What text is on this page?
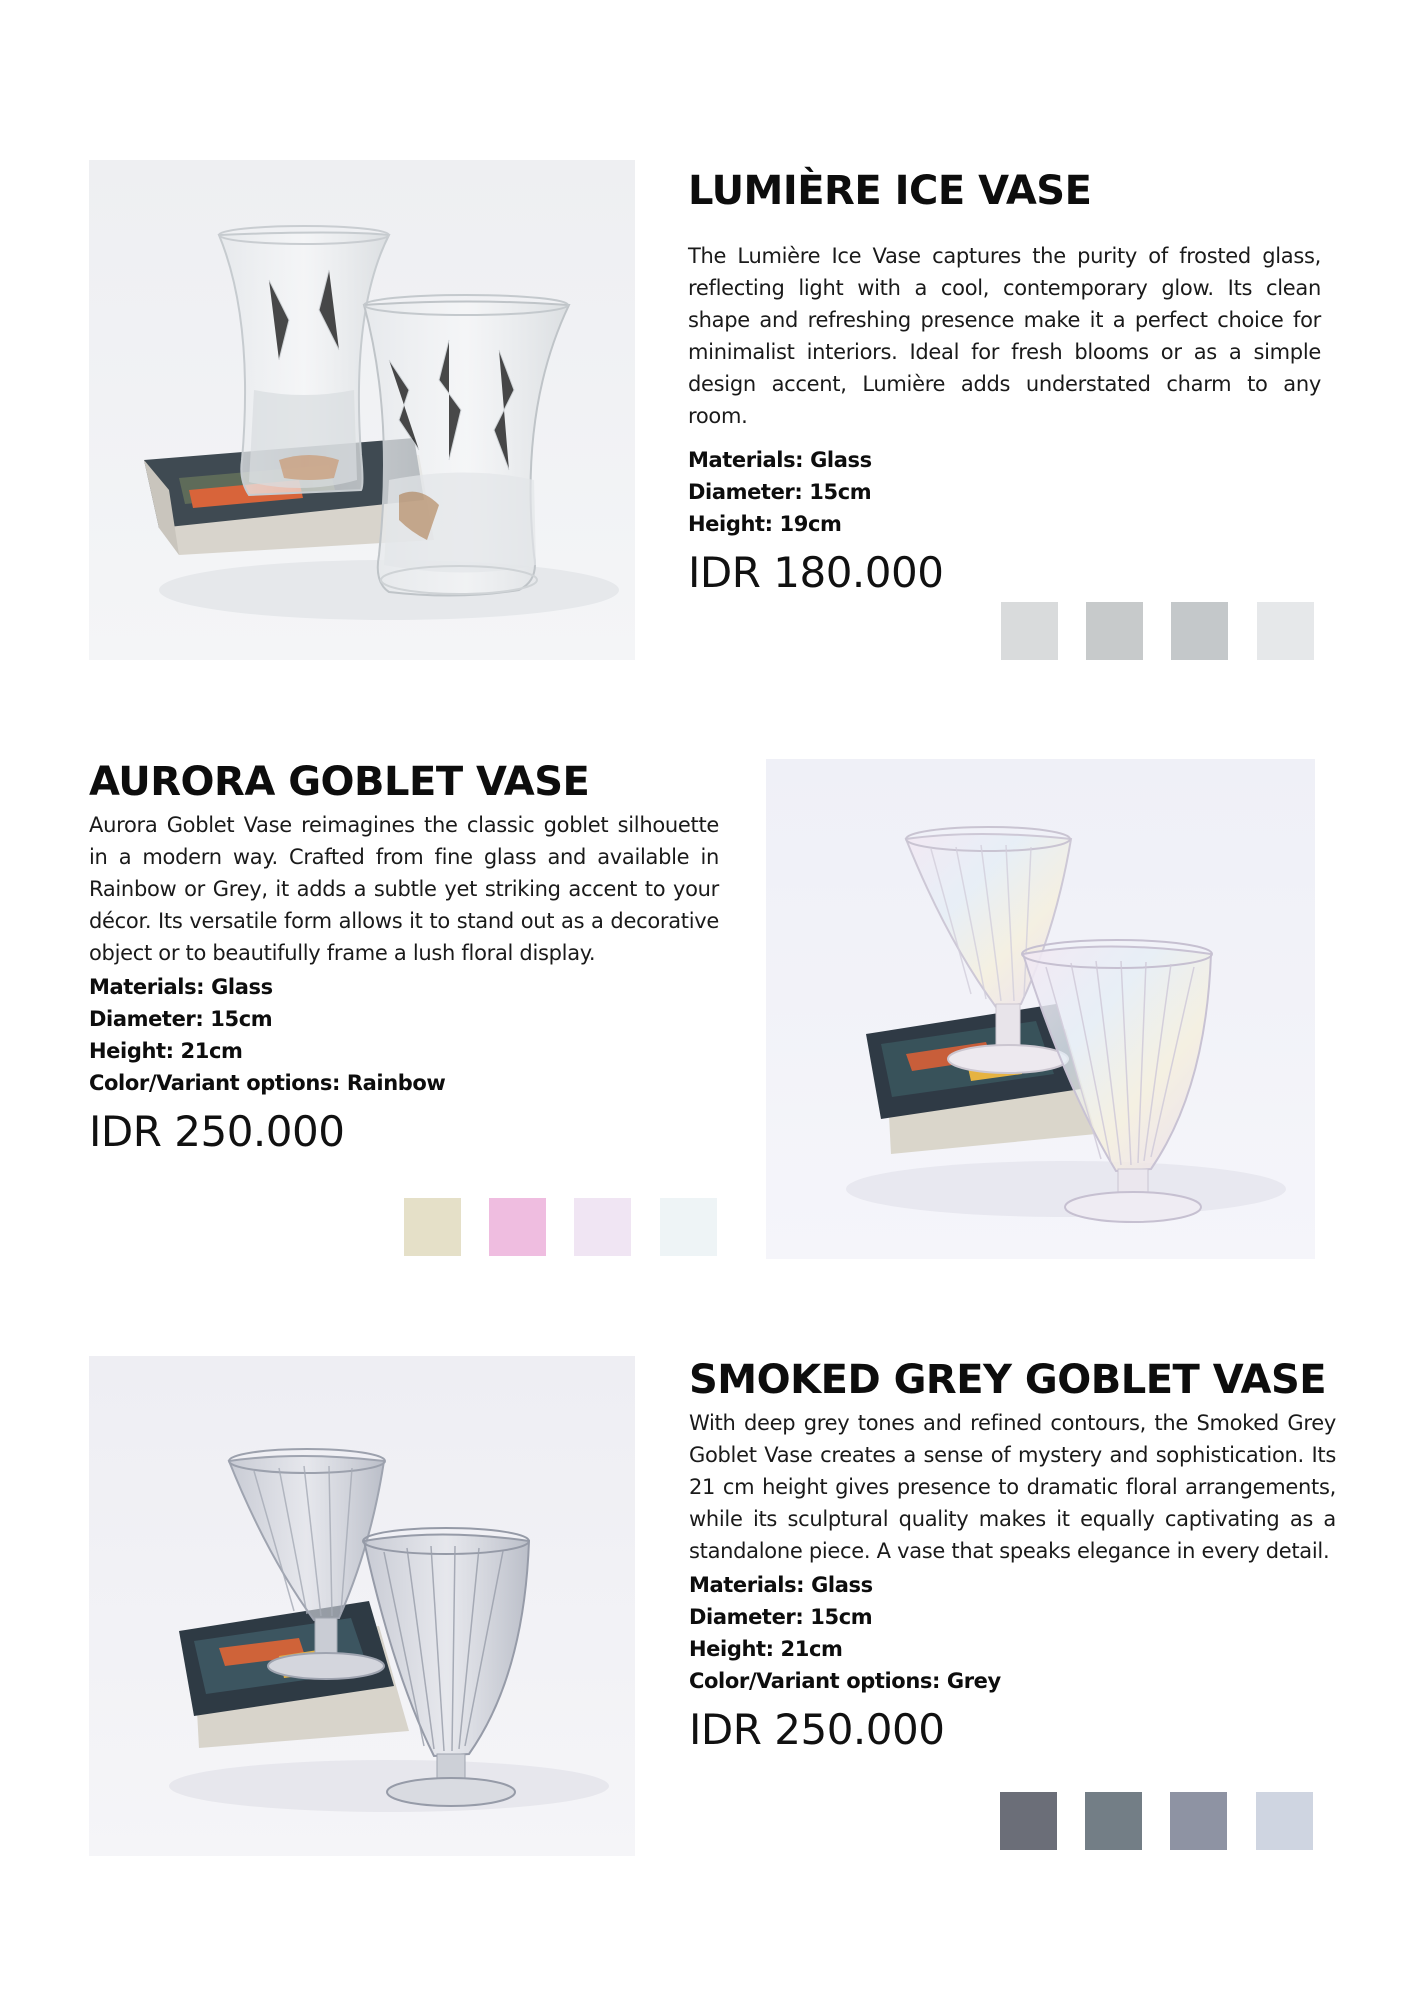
LUMIÈRE ICE VASE

The Lumière Ice Vase captures the purity of frosted glass, reflecting light with a cool, contemporary glow. Its clean shape and refreshing presence make it a perfect choice for minimalist interiors. Ideal for fresh blooms or as a simple design accent, Lumière adds understated charm to any room.

Materials: Glass
Diameter: 15cm
Height: 19cm
IDR 180.000
AURORA GOBLET VASE

Aurora Goblet Vase reimagines the classic goblet silhouette in a modern way. Crafted from fine glass and available in Rainbow or Grey, it adds a subtle yet striking accent to your décor. Its versatile form allows it to stand out as a decorative object or to beautifully frame a lush floral display.

Materials: Glass
Diameter: 15cm
Height: 21cm
Color/Variant options: Rainbow
IDR 250.000
SMOKED GREY GOBLET VASE

With deep grey tones and refined contours, the Smoked Grey Goblet Vase creates a sense of mystery and sophistication. Its 21 cm height gives presence to dramatic floral arrangements, while its sculptural quality makes it equally captivating as a standalone piece. A vase that speaks elegance in every detail.

Materials: Glass
Diameter: 15cm
Height: 21cm
Color/Variant options: Grey
IDR 250.000
